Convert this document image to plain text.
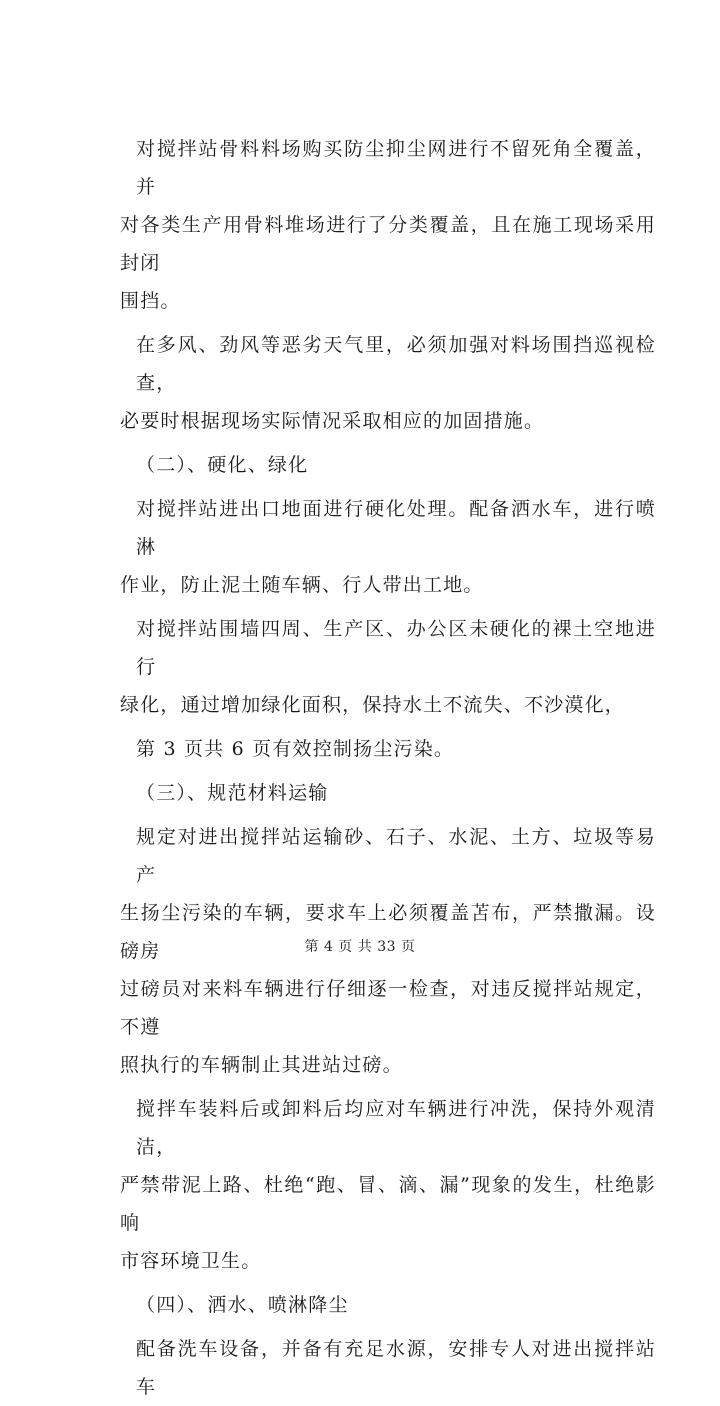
对搅拌站骨料料场购买防尘抑尘网进行不留死角全覆盖，并
对各类生产用骨料堆场进行了分类覆盖，且在施工现场采用封闭
围挡。

在多风、劲风等恶劣天气里，必须加强对料场围挡巡视检查，
必要时根据现场实际情况采取相应的加固措施。

（二）、硬化、绿化

对搅拌站进出口地面进行硬化处理。配备洒水车，进行喷淋
作业，防止泥土随车辆、行人带出工地。

对搅拌站围墙四周、生产区、办公区未硬化的裸土空地进行
绿化，通过增加绿化面积，保持水土不流失、不沙漠化，

第 3 页共 6 页有效控制扬尘污染。

（三）、规范材料运输

规定对进出搅拌站运输砂、石子、水泥、土方、垃圾等易产
生扬尘污染的车辆，要求车上必须覆盖苫布，严禁撒漏。设磅房
过磅员对来料车辆进行仔细逐一检查，对违反搅拌站规定，不遵
照执行的车辆制止其进站过磅。

搅拌车装料后或卸料后均应对车辆进行冲洗，保持外观清洁，
严禁带泥上路、杜绝“跑、冒、滴、漏”现象的发生，杜绝影响
市容环境卫生。

（四）、洒水、喷淋降尘

配备洗车设备，并备有充足水源，安排专人对进出搅拌站车

第 4 页 共 33 页
